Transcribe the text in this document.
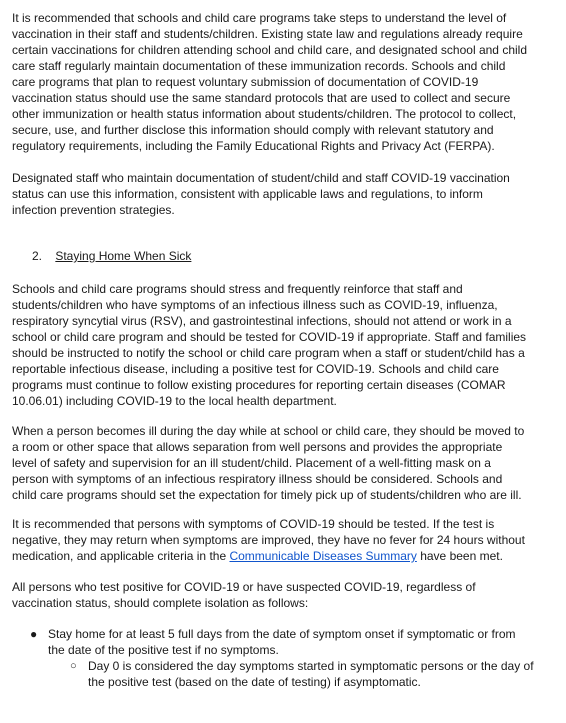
It is recommended that schools and child care programs take steps to understand the level of vaccination in their staff and students/children. Existing state law and regulations already require certain vaccinations for children attending school and child care, and designated school and child care staff regularly maintain documentation of these immunization records. Schools and child care programs that plan to request voluntary submission of documentation of COVID-19 vaccination status should use the same standard protocols that are used to collect and secure other immunization or health status information about students/children. The protocol to collect, secure, use, and further disclose this information should comply with relevant statutory and regulatory requirements, including the Family Educational Rights and Privacy Act (FERPA).
Designated staff who maintain documentation of student/child and staff COVID-19 vaccination status can use this information, consistent with applicable laws and regulations, to inform infection prevention strategies.
2. Staying Home When Sick
Schools and child care programs should stress and frequently reinforce that staff and students/children who have symptoms of an infectious illness such as COVID-19, influenza, respiratory syncytial virus (RSV), and gastrointestinal infections, should not attend or work in a school or child care program and should be tested for COVID-19 if appropriate. Staff and families should be instructed to notify the school or child care program when a staff or student/child has a reportable infectious disease, including a positive test for COVID-19. Schools and child care programs must continue to follow existing procedures for reporting certain diseases (COMAR 10.06.01) including COVID-19 to the local health department.
When a person becomes ill during the day while at school or child care, they should be moved to a room or other space that allows separation from well persons and provides the appropriate level of safety and supervision for an ill student/child. Placement of a well-fitting mask on a person with symptoms of an infectious respiratory illness should be considered. Schools and child care programs should set the expectation for timely pick up of students/children who are ill.
It is recommended that persons with symptoms of COVID-19 should be tested. If the test is negative, they may return when symptoms are improved, they have no fever for 24 hours without medication, and applicable criteria in the Communicable Diseases Summary have been met.
All persons who test positive for COVID-19 or have suspected COVID-19, regardless of vaccination status, should complete isolation as follows:
● Stay home for at least 5 full days from the date of symptom onset if symptomatic or from the date of the positive test if no symptoms.
○ Day 0 is considered the day symptoms started in symptomatic persons or the day of the positive test (based on the date of testing) if asymptomatic.
